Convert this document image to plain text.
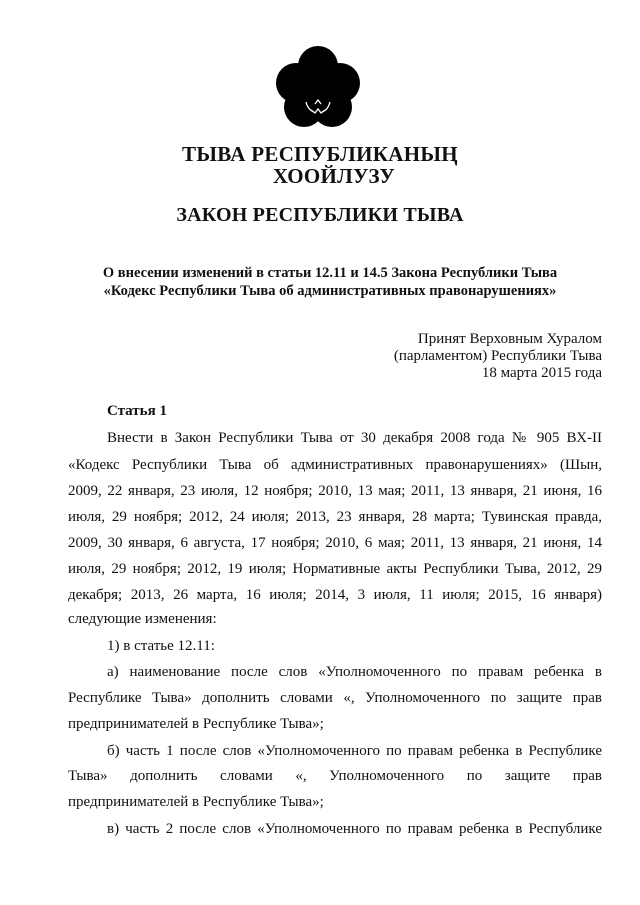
ТЫВА РЕСПУБЛИКАНЫҢ
ХООЙЛУЗУ
ЗАКОН РЕСПУБЛИКИ ТЫВА
О внесении изменений в статьи 12.11 и 14.5 Закона Республики Тыва
«Кодекс Республики Тыва об административных правонарушениях»
Принят Верховным Хуралом
(парламентом) Республики Тыва
18 марта 2015 года
Статья 1
Внести в Закон Республики Тыва от 30 декабря 2008 года № 905 ВХ-II
«Кодекс Республики Тыва об административных правонарушениях» (Шын,
2009, 22 января, 23 июля, 12 ноября; 2010, 13 мая; 2011, 13 января, 21 июня, 16
июля, 29 ноября; 2012, 24 июля; 2013, 23 января, 28 марта; Тувинская правда,
2009, 30 января, 6 августа, 17 ноября; 2010, 6 мая; 2011, 13 января, 21 июня, 14
июля, 29 ноября; 2012, 19 июля; Нормативные акты Республики Тыва, 2012, 29
декабря; 2013, 26 марта, 16 июля; 2014, 3 июля, 11 июля; 2015, 16 января)
следующие изменения:
1) в статье 12.11:
а) наименование после слов «Уполномоченного по правам ребенка в
Республике Тыва» дополнить словами «, Уполномоченного по защите прав
предпринимателей в Республике Тыва»;
б) часть 1 после слов «Уполномоченного по правам ребенка в Республике
Тыва» дополнить словами «, Уполномоченного по защите прав
предпринимателей в Республике Тыва»;
в) часть 2 после слов «Уполномоченного по правам ребенка в Республике
